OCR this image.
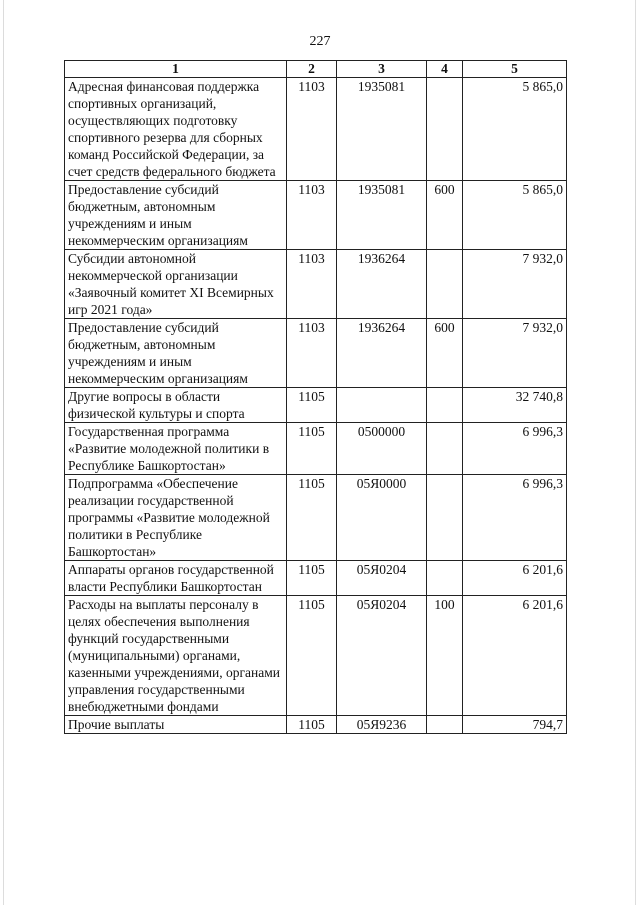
227
1	2	3	4	5
Адресная финансовая поддержка спортивных организаций, осуществляющих подготовку спортивного резерва для сборных команд Российской Федерации, за счет средств федерального бюджета	1103	1935081		5 865,0
Предоставление субсидий бюджетным, автономным учреждениям и иным некоммерческим организациям	1103	1935081	600	5 865,0
Субсидии автономной некоммерческой организации «Заявочный комитет XI Всемирных игр 2021 года»	1103	1936264		7 932,0
Предоставление субсидий бюджетным, автономным учреждениям и иным некоммерческим организациям	1103	1936264	600	7 932,0
Другие вопросы в области физической культуры и спорта	1105			32 740,8
Государственная программа «Развитие молодежной политики в Республике Башкортостан»	1105	0500000		6 996,3
Подпрограмма «Обеспечение реализации государственной программы «Развитие молодежной политики в Республике Башкортостан»	1105	05Я0000		6 996,3
Аппараты органов государственной власти Республики Башкортостан	1105	05Я0204		6 201,6
Расходы на выплаты персоналу в целях обеспечения выполнения функций государственными (муниципальными) органами, казенными учреждениями, органами управления государственными внебюджетными фондами	1105	05Я0204	100	6 201,6
Прочие выплаты	1105	05Я9236		794,7
